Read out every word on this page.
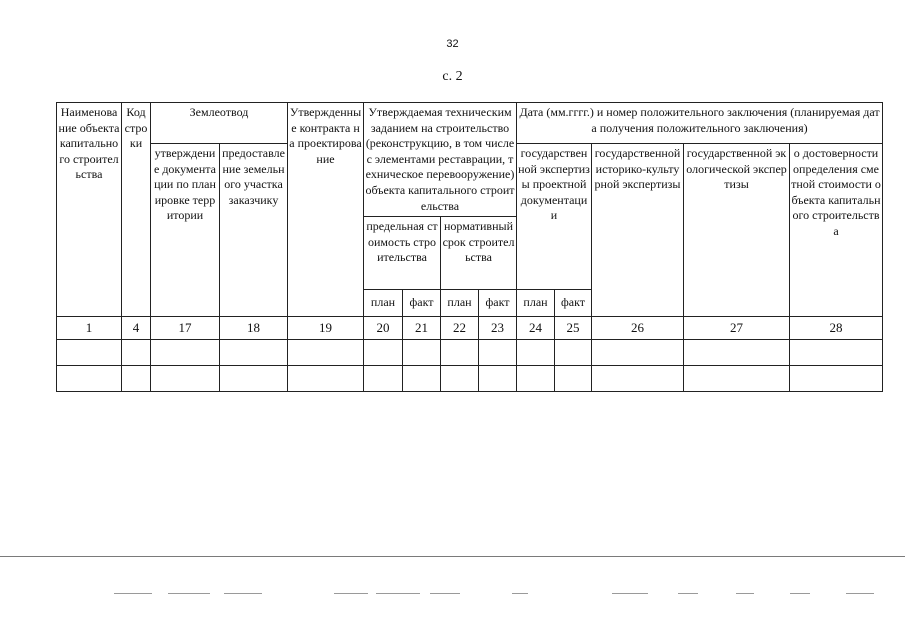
32
с. 2
Наименование объекта капитального строительства	Код строки	Землеотвод		Утвержденные контракта на проектирование	Утверждаемая техническим заданием на строительство (реконструкцию, в том числе с элементами реставрации, техническое перевооружение) объекта капитального строительства				Дата (мм.гггг.) и номер положительного заключения (планируемая дата получения положительного заключения)				
		утверждение документации по планировке территории	предоставление земельного участка заказчику						государственной экспертизы проектной документации		государственной историко-культурной экспертизы	государственной экологической экспертизы	о достоверности определения сметной стоимости объекта капитального строительства
					предельная стоимость строительства		нормативный срок строительства						
					план	факт	план	факт	план	факт			
1	4	17	18	19	20	21	22	23	24	25	26	27	28
